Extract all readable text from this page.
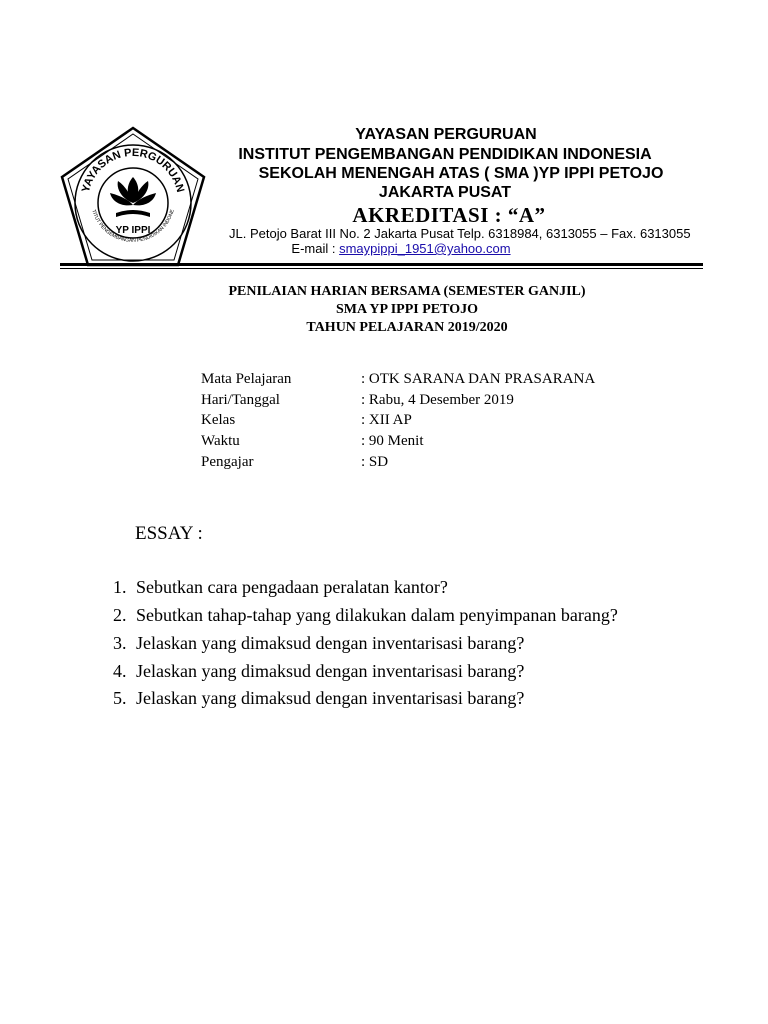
YAYASAN PERGURUAN
TITUT PENGEMBANGAN PENDIDIKAN INDONE
YP IPPI
YAYASAN PERGURUAN
INSTITUT PENGEMBANGAN PENDIDIKAN INDONESIA
SEKOLAH MENENGAH ATAS ( SMA )YP IPPI PETOJO
JAKARTA PUSAT
AKREDITASI : “A”
JL. Petojo Barat III No. 2 Jakarta Pusat Telp. 6318984, 6313055 – Fax. 6313055
E-mail : smaypippi_1951@yahoo.com
PENILAIAN HARIAN BERSAMA (SEMESTER GANJIL)
SMA YP IPPI PETOJO
TAHUN PELAJARAN 2019/2020
Mata Pelajaran	: OTK SARANA DAN PRASARANA
Hari/Tanggal	: Rabu, 4 Desember 2019
Kelas	: XII AP
Waktu	: 90 Menit
Pengajar	: SD
ESSAY :
1. Sebutkan cara pengadaan peralatan kantor?
2. Sebutkan tahap-tahap yang dilakukan dalam penyimpanan barang?
3. Jelaskan yang dimaksud dengan inventarisasi barang?
4. Jelaskan yang dimaksud dengan inventarisasi barang?
5. Jelaskan yang dimaksud dengan inventarisasi barang?
